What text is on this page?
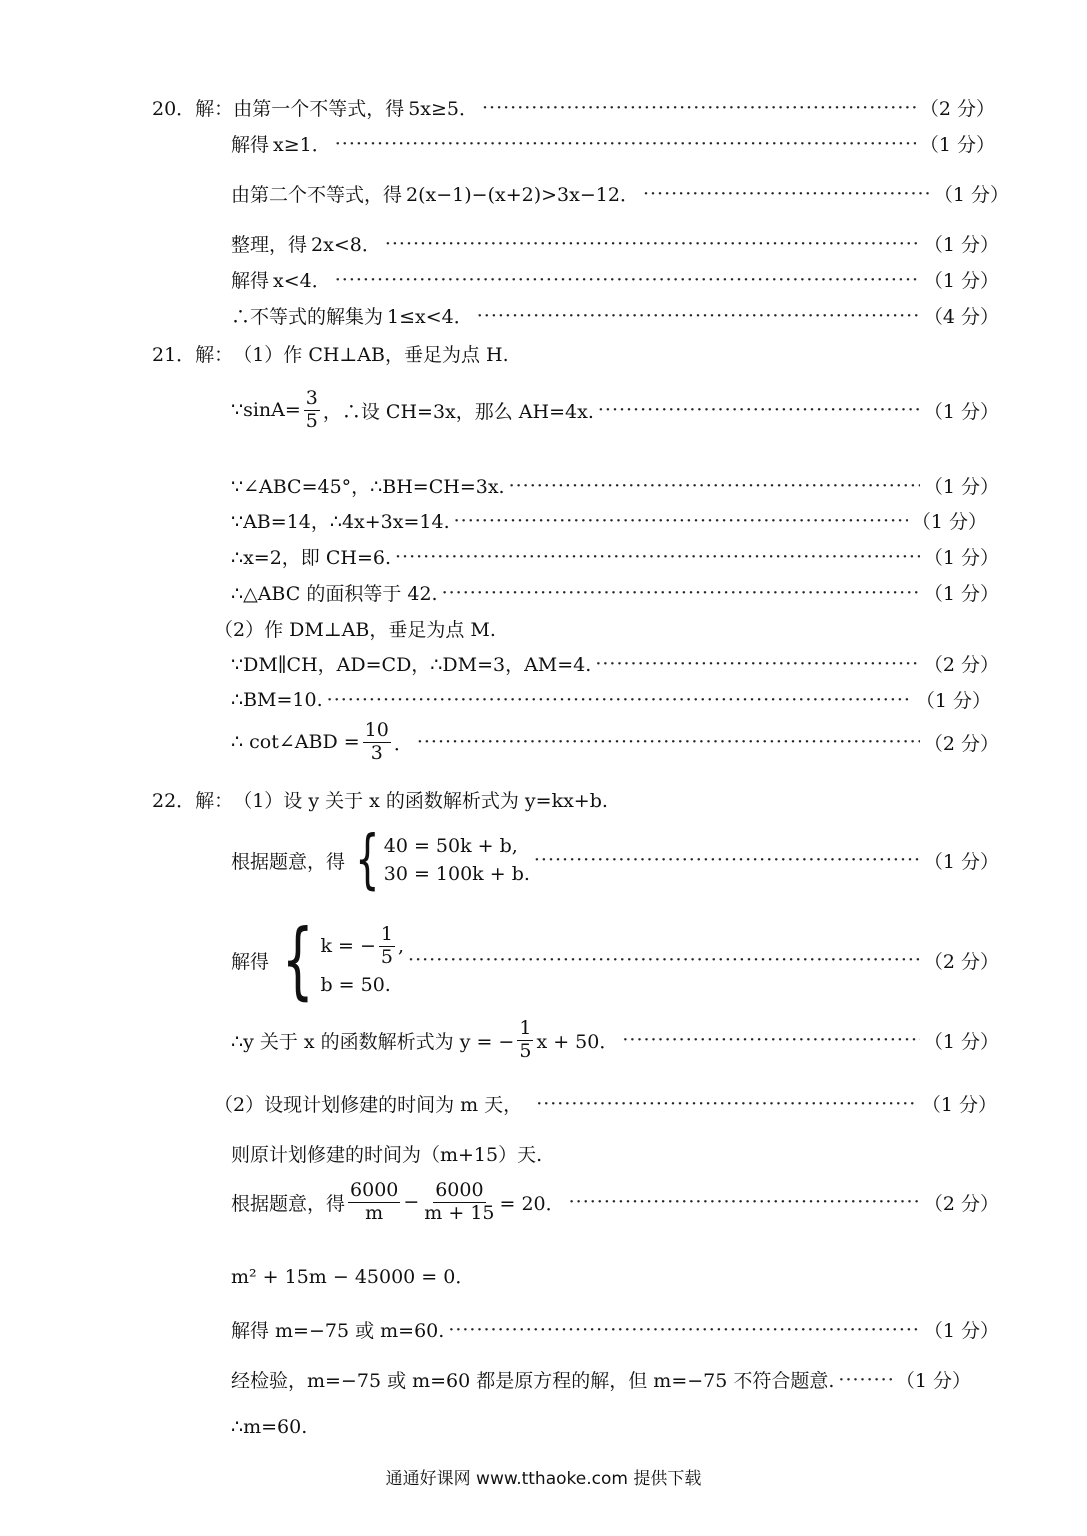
20．解： 由第一个不等式，得 5x≥5． ·····	（2 分）
解得 x≥1． ·····	（1 分）
由第二个不等式，得 2(x−1)−(x+2)>3x−12． ·····	（1 分）
整理，得 2x<8． ·····	（1 分）
解得 x<4． ·····	（1 分）
∴不等式的解集为 1≤x<4． ·····	（4 分）
21．解： （1）作 CH⊥AB，垂足为点 H.
∵sinA= $\frac{3}{5}$ ，∴设 CH=3x，那么 AH=4x. ·····	（1 分）
∵∠ABC=45°，∴BH=CH=3x. ·····	（1 分）
∵AB=14，∴4x+3x=14. ·····	（1 分）
∴x=2，即 CH=6. ·····	（1 分）
∴△ABC 的面积等于 42. ·····	（1 分）
（2）作 DM⊥AB，垂足为点 M.
∵DM∥CH，AD=CD，∴DM=3，AM=4. ·····	（2 分）
∴BM=10. ·····	（1 分）
∴ cot∠ABD = $\frac{10}{3}$ ． ·····	（2 分）
22．解： （1）设 y 关于 x 的函数解析式为 y=kx+b.
根据题意，得 { 40 = 50k + b,
30 = 100k + b.
·····
（1 分）
解得 { k = − $\frac{1}{5}$ ,
b = 50.
·····
（2 分）
∴y 关于 x 的函数解析式为 y = − $\frac{1}{5}$ x + 50． ·····	（1 分）
（2）设现计划修建的时间为 m 天， ·····	（1 分）
则原计划修建的时间为（m+15）天.
根据题意，得 $\frac{6000}{m} - \frac{6000}{m + 15} = 20$． ·····	（2 分）
m² + 15m − 45000 = 0．
解得 m=−75 或 m=60. ·····	（1 分）
经检验，m=−75 或 m=60 都是原方程的解，但 m=−75 不符合题意. ·····	（1 分）
∴m=60.
通通好课网 www.tthaoke.com 提供下载
